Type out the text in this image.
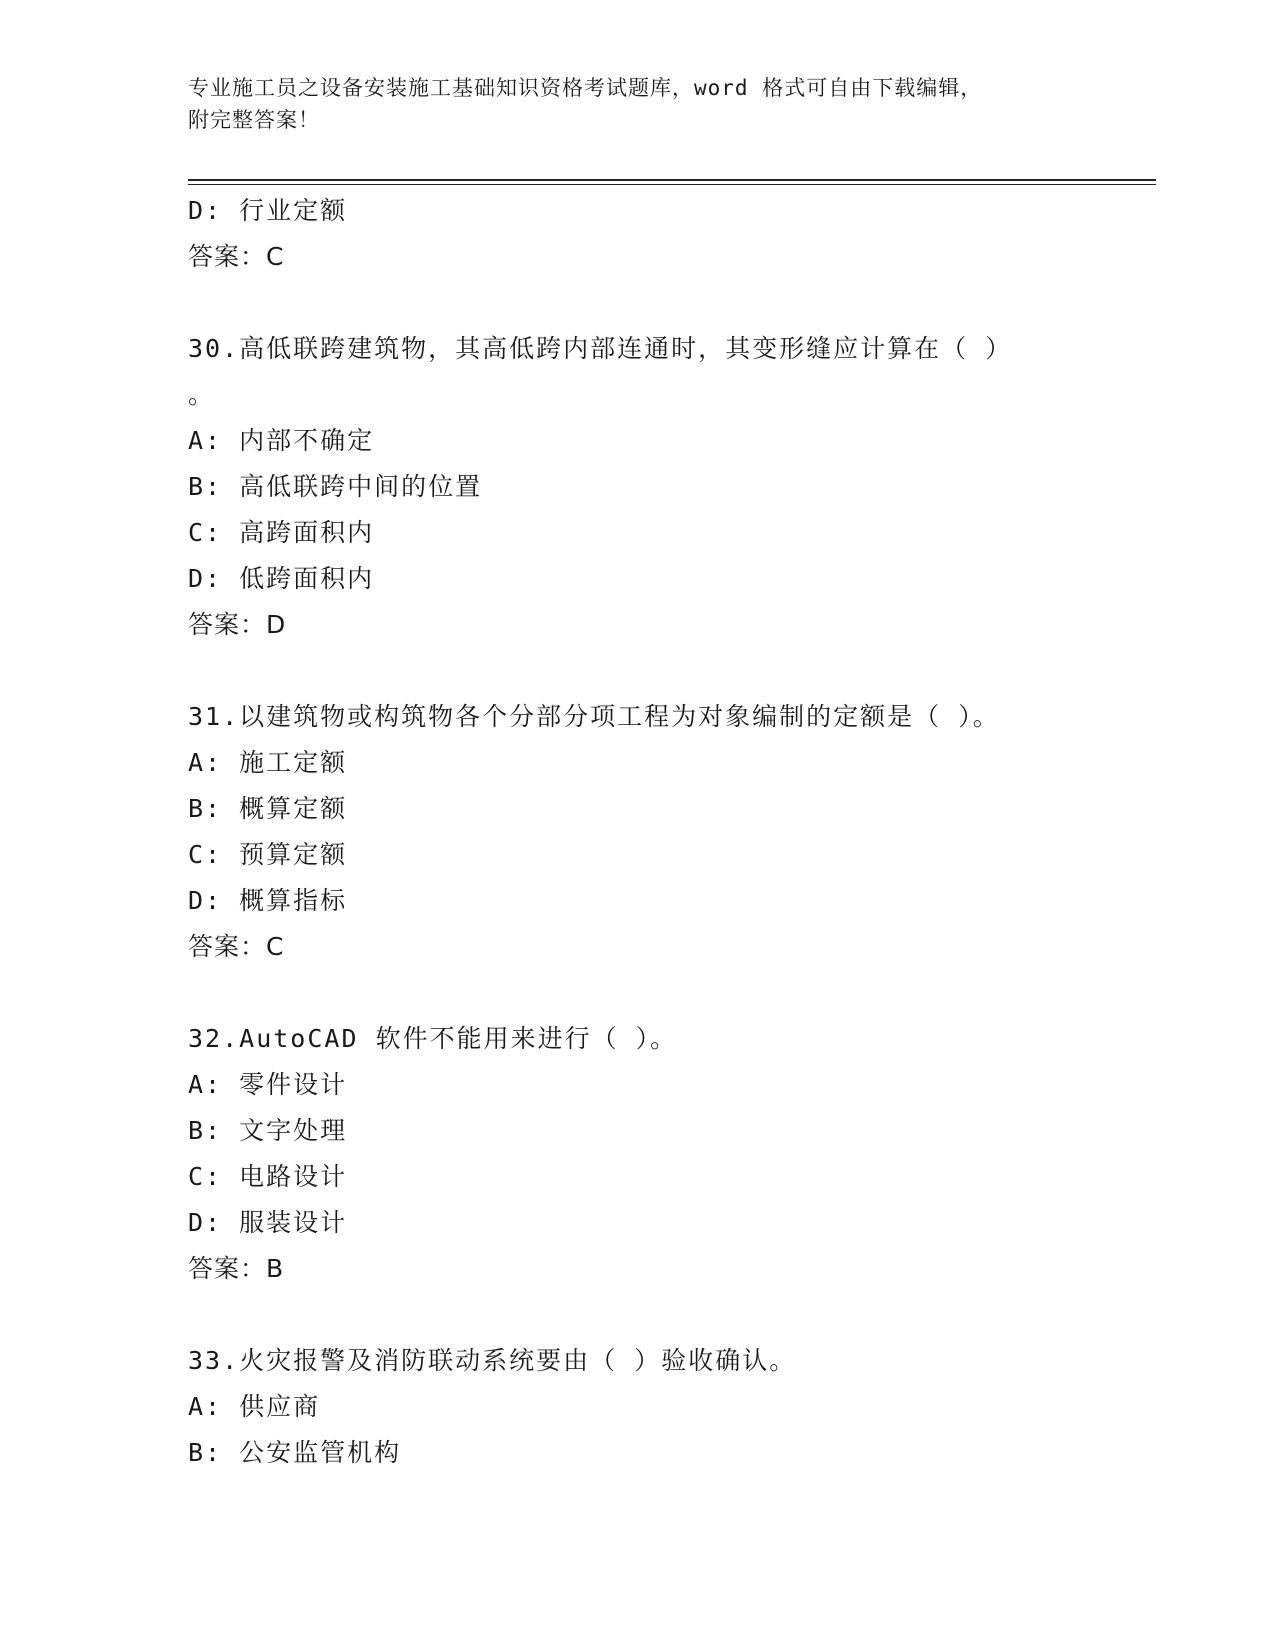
专业施工员之设备安装施工基础知识资格考试题库，word 格式可自由下载编辑，
附完整答案！
D: 行业定额
答案：C
30.高低联跨建筑物，其高低跨内部连通时，其变形缝应计算在（ ）
。
A: 内部不确定
B: 高低联跨中间的位置
C: 高跨面积内
D: 低跨面积内
答案：D
31.以建筑物或构筑物各个分部分项工程为对象编制的定额是（ ）。
A: 施工定额
B: 概算定额
C: 预算定额
D: 概算指标
答案：C
32.AutoCAD 软件不能用来进行（ ）。
A: 零件设计
B: 文字处理
C: 电路设计
D: 服装设计
答案：B
33.火灾报警及消防联动系统要由（ ）验收确认。
A: 供应商
B: 公安监管机构
